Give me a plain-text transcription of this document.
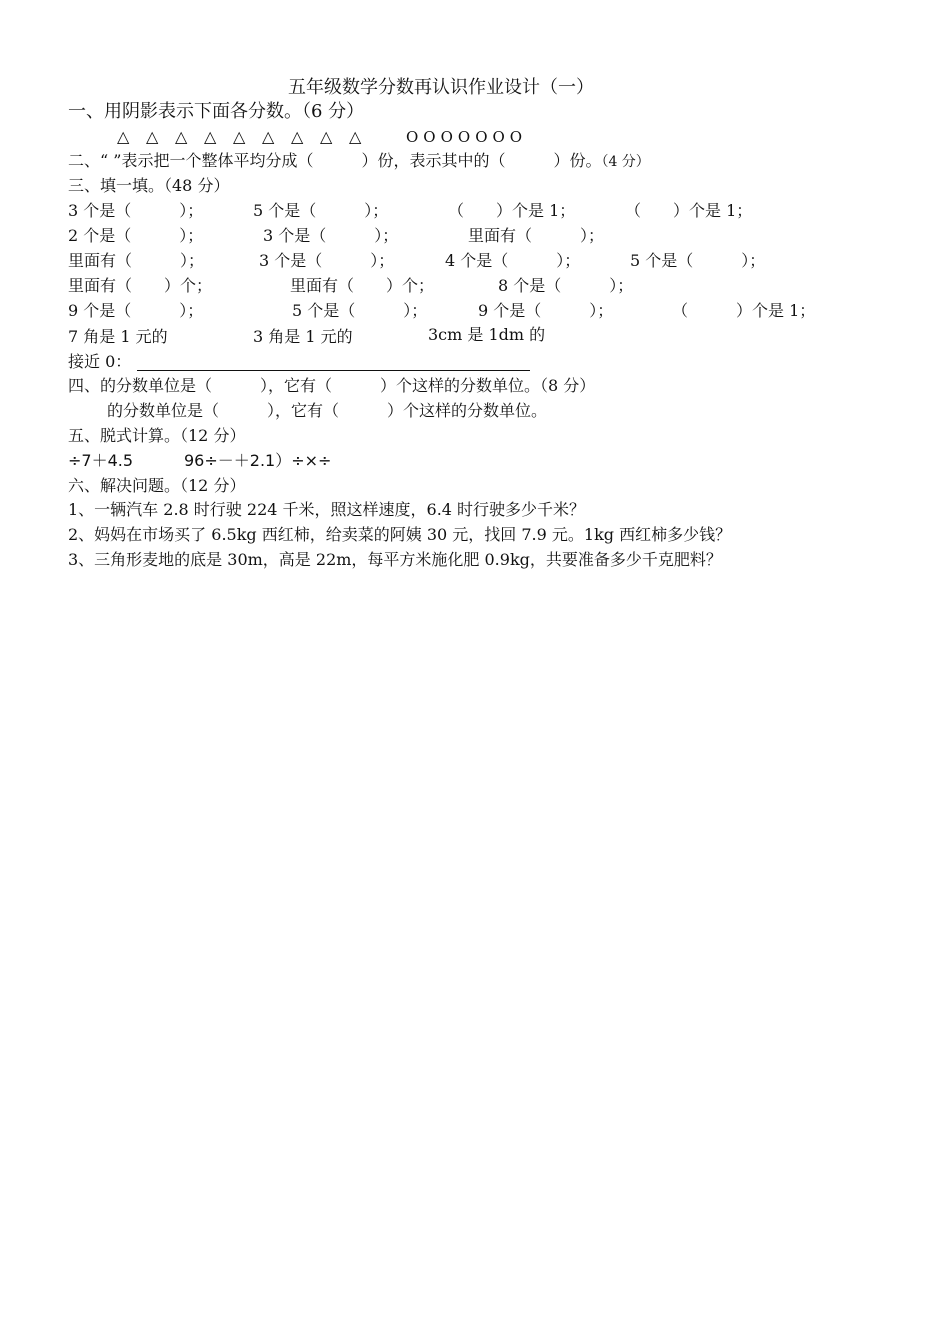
五年级数学分数再认识作业设计（一）
一、用阴影表示下面各分数。（6 分）
△ △ △ △ △ △ △ △ △	OOOOOOO
二、“ ”表示把一个整体平均分成（　　　）份，表示其中的（　　　）份。（4 分）
三、填一填。（48 分）
3 个是（　　　）；	5 个是（　　　）；	（　　）个是 1；	（　　）个是 1；
2 个是（　　　）；	3 个是（　　　）；	里面有（　　　）；
里面有（　　　）；	3 个是（　　　）；	4 个是（　　　）；	5 个是（　　　）；
里面有（　　）个；	里面有（　　）个；	8 个是（　　　）；
9 个是（　　　）；	5 个是（　　　）；	9 个是（　　　）；	（　　　）个是 1；
7 角是 1 元的	3 角是 1 元的	3cm 是 1dm 的
接近 0：
四、的分数单位是（　　　），它有（　　　）个这样的分数单位。（8 分）
的分数单位是（　　　），它有（　　　）个这样的分数单位。
五、脱式计算。（12 分）
÷7＋4.5	96÷－＋2.1）÷×÷
六、解决问题。（12 分）
1、一辆汽车 2.8 时行驶 224 千米，照这样速度，6.4 时行驶多少千米？
2、妈妈在市场买了 6.5kg 西红柿，给卖菜的阿姨 30 元，找回 7.9 元。1kg 西红柿多少钱？
3、三角形麦地的底是 30m，高是 22m，每平方米施化肥 0.9kg，共要准备多少千克肥料？
